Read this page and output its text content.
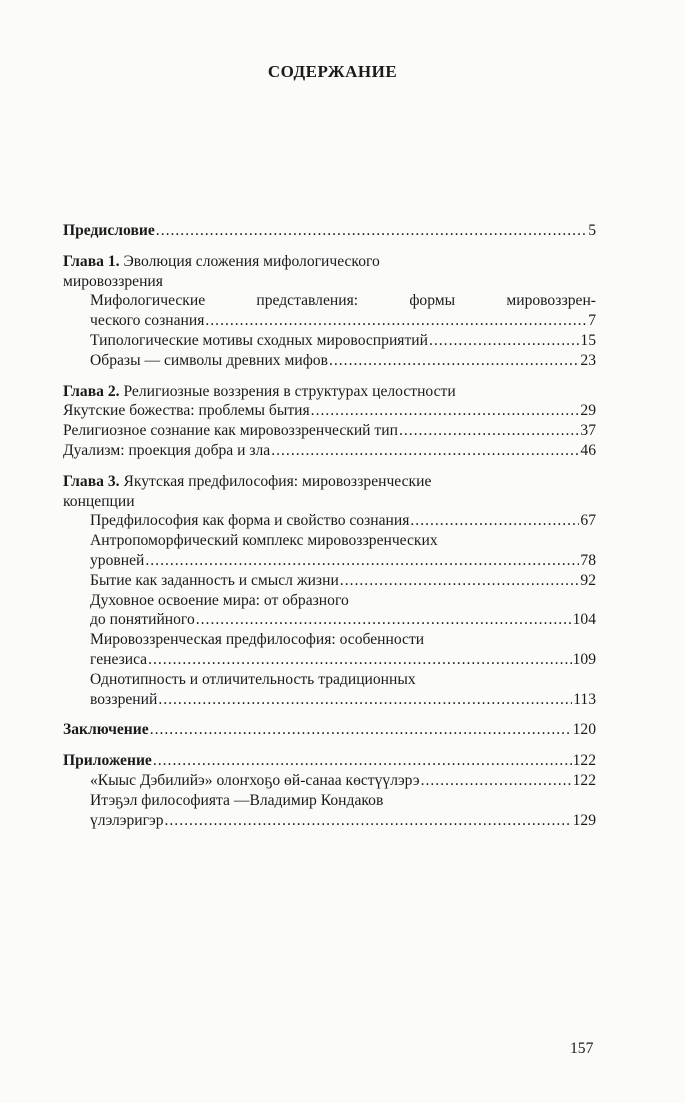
СОДЕРЖАНИЕ
Предисловие .....	5
Глава 1. Эволюция сложения мифологического
мировоззрения
Мифологические представления: формы мировоззрен-
ческого сознания .....	7
Типологические мотивы сходных мировосприятий .....	15
Образы — символы древних мифов .....	23
Глава 2. Религиозные воззрения в структурах целостности
Якутские божества: проблемы бытия .....	29
Религиозное сознание как мировоззренческий тип .....	37
Дуализм: проекция добра и зла .....	46
Глава 3. Якутская предфилософия: мировоззренческие
концепции
Предфилософия как форма и свойство сознания .....	67
Антропоморфический комплекс мировоззренческих
уровней .....	78
Бытие как заданность и смысл жизни .....	92
Духовное освоение мира: от образного
до понятийного .....	104
Мировоззренческая предфилософия: особенности
генезиса .....	109
Однотипность и отличительность традиционных
воззрений .....	113
Заключение .....	120
Приложение .....	122
«Кыыс Дэбилийэ» олоҥхоҕо өй-санаа көстүүлэрэ .....	122
Итэҕэл философията —Владимир Кондаков
үлэлэригэр .....	129
157
